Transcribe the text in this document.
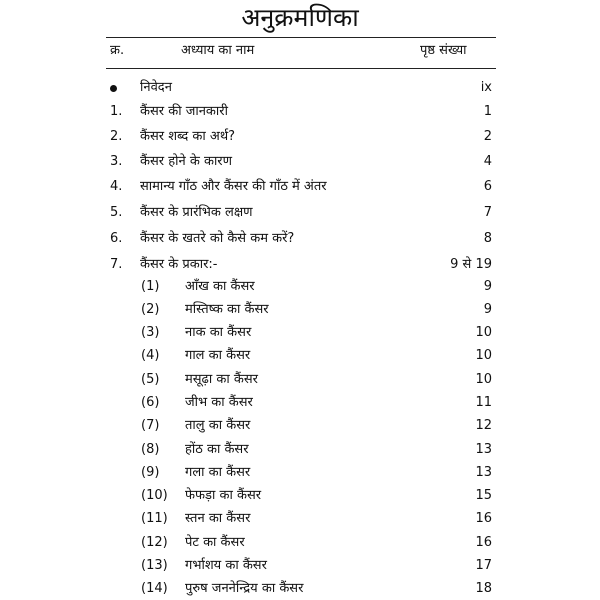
अनुक्रमणिका
क्र.	अध्याय का नाम	पृष्ठ संख्या
निवेदन	ix
1. कैंसर की जानकारी	1
2. कैंसर शब्द का अर्थ?	2
3. कैंसर होने के कारण	4
4. सामान्य गाँठ और कैंसर की गाँठ में अंतर	6
5. कैंसर के प्रारंभिक लक्षण	7
6. कैंसर के खतरे को कैसे कम करें?	8
7. कैंसर के प्रकार:-	9 से 19
(1) आँख का कैंसर	9
(2) मस्तिष्क का कैंसर	9
(3) नाक का कैंसर	10
(4) गाल का कैंसर	10
(5) मसूढ़ा का कैंसर	10
(6) जीभ का कैंसर	11
(7) तालु का कैंसर	12
(8) होंठ का कैंसर	13
(9) गला का कैंसर	13
(10) फेफड़ा का कैंसर	15
(11) स्तन का कैंसर	16
(12) पेट का कैंसर	16
(13) गर्भाशय का कैंसर	17
(14) पुरुष जननेन्द्रिय का कैंसर	18
